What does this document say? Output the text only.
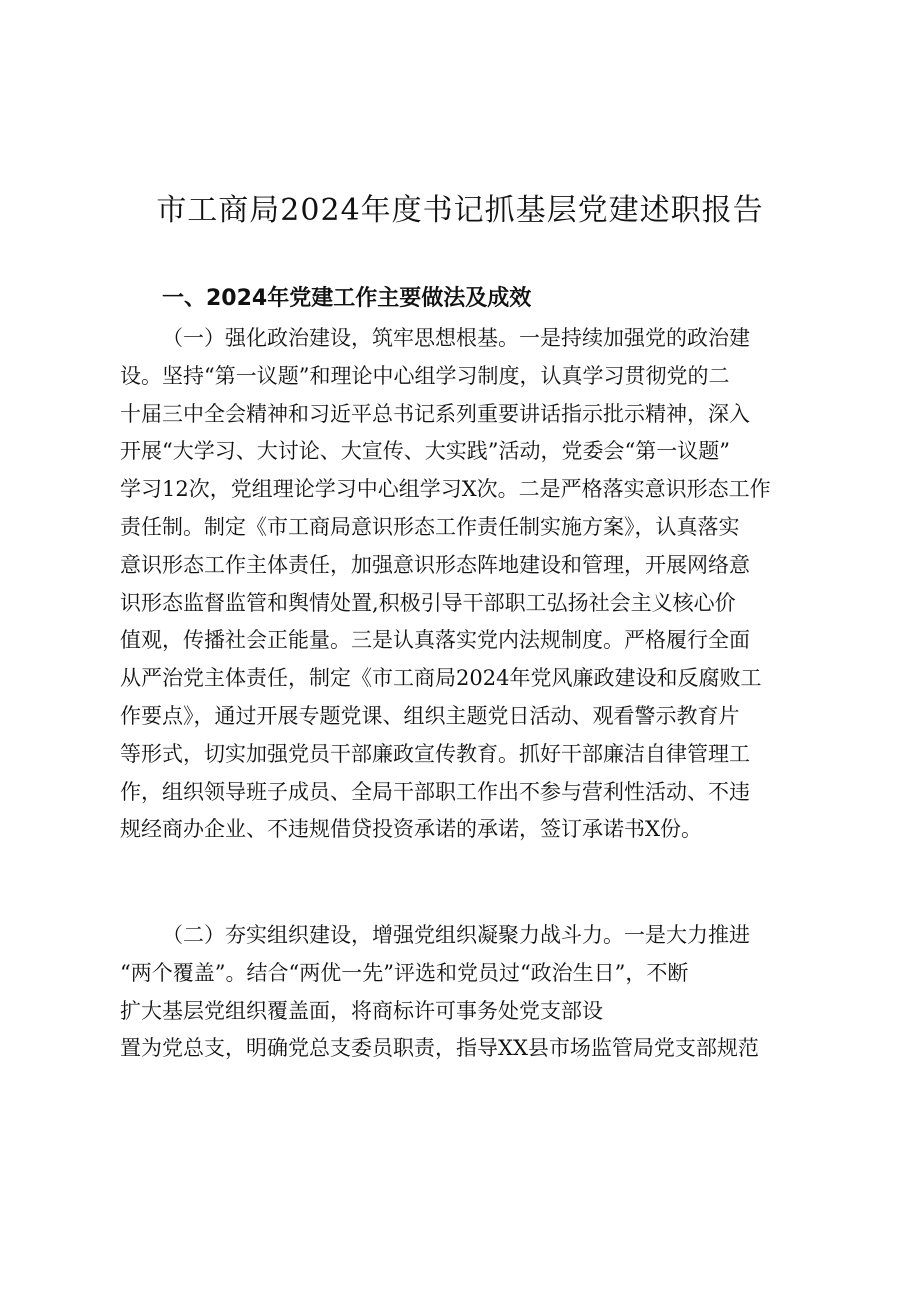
市工商局2024年度书记抓基层党建述职报告
一、2024年党建工作主要做法及成效
（一）强化政治建设，筑牢思想根基。一是持续加强党的政治建
设。坚持“第一议题”和理论中心组学习制度，认真学习贯彻党的二
十届三中全会精神和习近平总书记系列重要讲话指示批示精神，深入
开展“大学习、大讨论、大宣传、大实践”活动，党委会“第一议题”
学习12次，党组理论学习中心组学习X次。二是严格落实意识形态工作
责任制。制定《市工商局意识形态工作责任制实施方案》，认真落实
意识形态工作主体责任，加强意识形态阵地建设和管理，开展网络意
识形态监督监管和舆情处置,积极引导干部职工弘扬社会主义核心价
值观，传播社会正能量。三是认真落实党内法规制度。严格履行全面
从严治党主体责任，制定《市工商局2024年党风廉政建设和反腐败工
作要点》，通过开展专题党课、组织主题党日活动、观看警示教育片
等形式，切实加强党员干部廉政宣传教育。抓好干部廉洁自律管理工
作，组织领导班子成员、全局干部职工作出不参与营利性活动、不违
规经商办企业、不违规借贷投资承诺的承诺，签订承诺书X份。
（二）夯实组织建设，增强党组织凝聚力战斗力。一是大力推进
“两个覆盖”。结合“两优一先”评选和党员过“政治生日”，不断
扩大基层党组织覆盖面，将商标许可事务处党支部设
置为党总支，明确党总支委员职责，指导XX县市场监管局党支部规范
